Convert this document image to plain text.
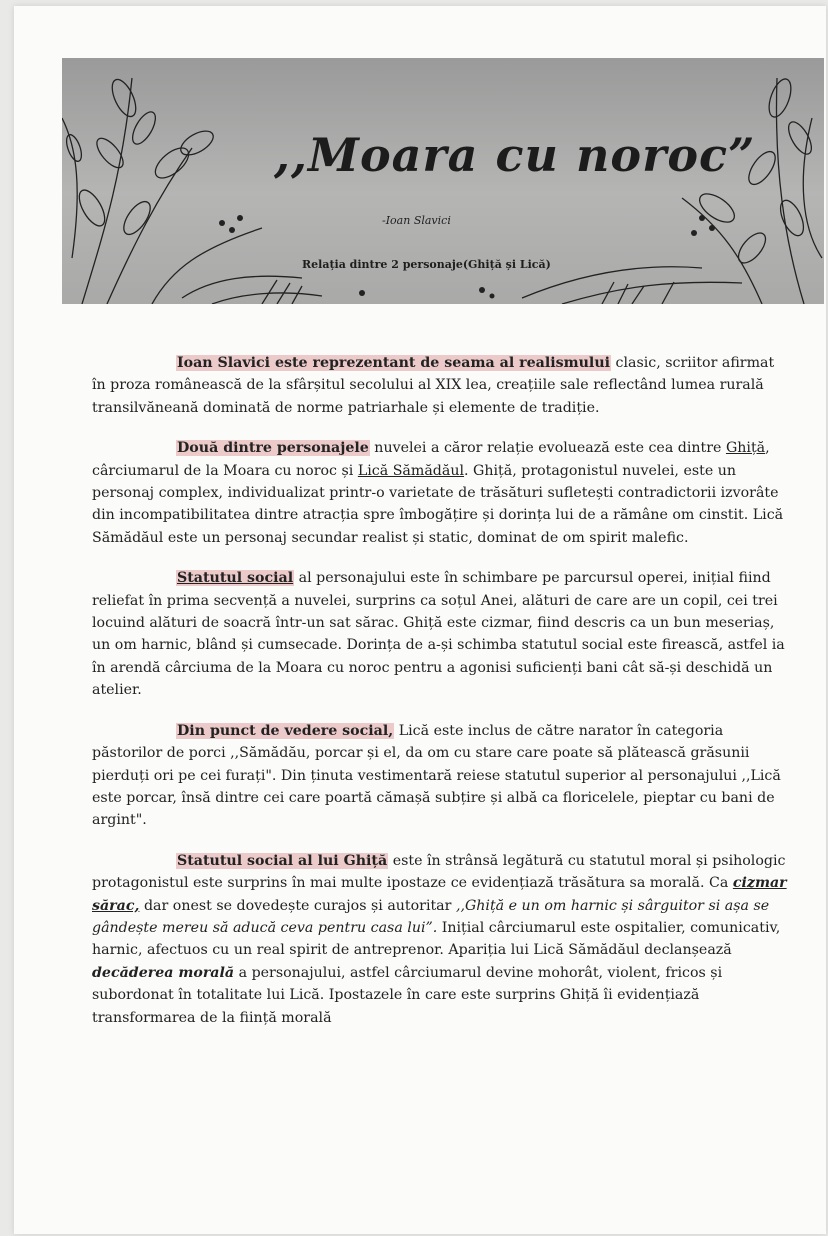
,,Moara cu noroc”
-Ioan Slavici
Relația dintre 2 personaje(Ghiță și Lică)

Ioan Slavici este reprezentant de seama al realismului clasic, scriitor afirmat în proza românească de la sfârșitul secolului al XIX lea, creațiile sale reflectând lumea rurală transilvăneană dominată de norme patriarhale și elemente de tradiție.

Două dintre personajele nuvelei a căror relație evoluează este cea dintre Ghiță, cârciumarul de la Moara cu noroc și Lică Sămădăul. Ghiță, protagonistul nuvelei, este un personaj complex, individualizat printr-o varietate de trăsături sufletești contradictorii izvorâte din incompatibilitatea dintre atracția spre îmbogățire și dorința lui de a rămâne om cinstit. Lică Sămădăul este un personaj secundar realist și static, dominat de om spirit malefic.

Statutul social al personajului este în schimbare pe parcursul operei, inițial fiind reliefat în prima secvență a nuvelei, surprins ca soțul Anei, alături de care are un copil, cei trei locuind alături de soacră într-un sat sărac. Ghiță este cizmar, fiind descris ca un bun meseriaș, un om harnic, blând și cumsecade. Dorința de a-și schimba statutul social este firească, astfel ia în arendă cârciuma de la Moara cu noroc pentru a agonisi suficienți bani cât să-și deschidă un atelier.

Din punct de vedere social, Lică este inclus de către narator în categoria păstorilor de porci ,,Sămădău, porcar și el, da om cu stare care poate să plătească grăsunii pierduți ori pe cei furați". Din ținuta vestimentară reiese statutul superior al personajului ,,Lică este porcar, însă dintre cei care poartă cămașă subțire și albă ca floricelele, pieptar cu bani de argint".

Statutul social al lui Ghiță este în strânsă legătură cu statutul moral și psihologic protagonistul este surprins în mai multe ipostaze ce evidențiază trăsătura sa morală. Ca cizmar sărac, dar onest se dovedește curajos și autoritar ,,Ghiță e un om harnic și sârguitor si așa se gândește mereu să aducă ceva pentru casa lui”. Inițial cârciumarul este ospitalier, comunicativ, harnic, afectuos cu un real spirit de antreprenor. Apariția lui Lică Sămădăul declanșează decăderea morală a personajului, astfel cârciumarul devine mohorât, violent, fricos și subordonat în totalitate lui Lică. Ipostazele în care este surprins Ghiță îi evidențiază transformarea de la ființă morală
